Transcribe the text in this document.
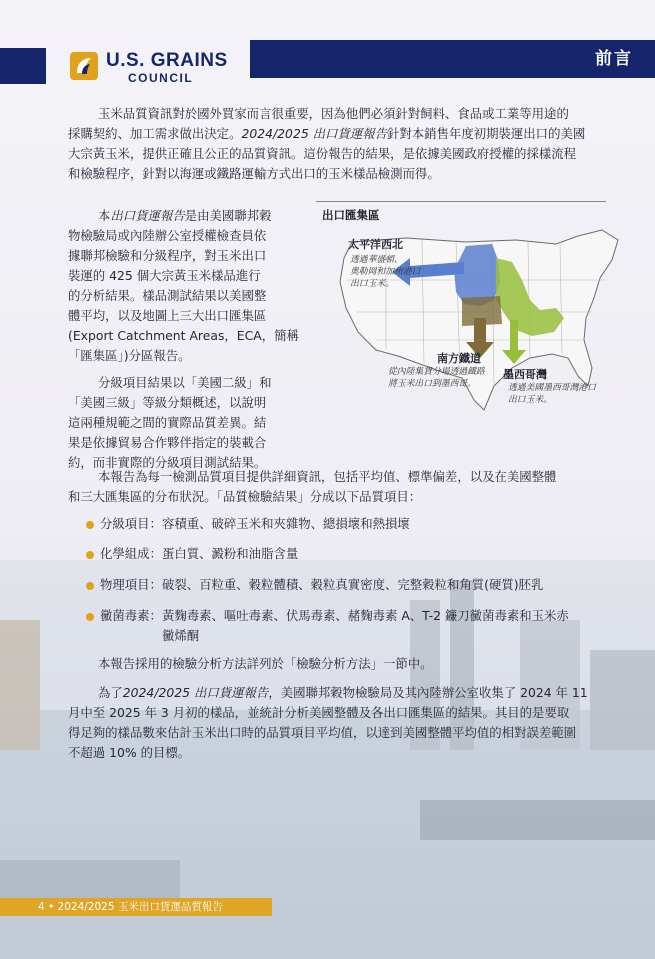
前言
U.S. GRAINS
COUNCIL
玉米品質資訊對於國外買家而言很重要，因為他們必須針對飼料、食品或工業等用途的
採購契約、加工需求做出決定。2024/2025 出口貨運報告針對本銷售年度初期裝運出口的美國
大宗黃玉米，提供正確且公正的品質資訊。這份報告的結果，是依據美國政府授權的採樣流程
和檢驗程序，針對以海運或鐵路運輸方式出口的玉米樣品檢測而得。
本出口貨運報告是由美國聯邦穀
物檢驗局或內陸辦公室授權檢查員依
據聯邦檢驗和分級程序，對玉米出口
裝運的 425 個大宗黃玉米樣品進行
的分析結果。樣品測試結果以美國整
體平均，以及地圖上三大出口匯集區
(Export Catchment Areas，ECA，簡稱
「匯集區」)分區報告。
分級項目結果以「美國二級」和
「美國三級」等級分類概述，以說明
這兩種規範之間的實際品質差異。結
果是依據貿易合作夥伴指定的裝載合
約，而非實際的分級項目測試結果。
出口匯集區
太平洋西北
透過華盛頓、
奧勒岡和加州港口
出口玉米。
南方鐵道
從內陸集貨分場透過鐵路
將玉米出口到墨西哥。
墨西哥灣
透過美國墨西哥灣港口
出口玉米。
本報告為每一檢測品質項目提供詳細資訊，包括平均值、標準偏差，以及在美國整體
和三大匯集區的分布狀況。「品質檢驗結果」分成以下品質項目：
分級項目：容積重、破碎玉米和夾雜物、總損壞和熱損壞
化學組成：蛋白質、澱粉和油脂含量
物理項目：破裂、百粒重、穀粒體積、穀粒真實密度、完整穀粒和角質(硬質)胚乳
黴菌毒素：黃麴毒素、嘔吐毒素、伏馬毒素、赭麴毒素 A、T-2 鐮刀黴菌毒素和玉米赤
黴烯酮
本報告採用的檢驗分析方法詳列於「檢驗分析方法」一節中。
為了2024/2025 出口貨運報告，美國聯邦穀物檢驗局及其內陸辦公室收集了 2024 年 11
月中至 2025 年 3 月初的樣品，並統計分析美國整體及各出口匯集區的結果。其目的是要取
得足夠的樣品數來估計玉米出口時的品質項目平均值，以達到美國整體平均值的相對誤差範圍
不超過 10% 的目標。
4 • 2024/2025 玉米出口貨運品質報告
